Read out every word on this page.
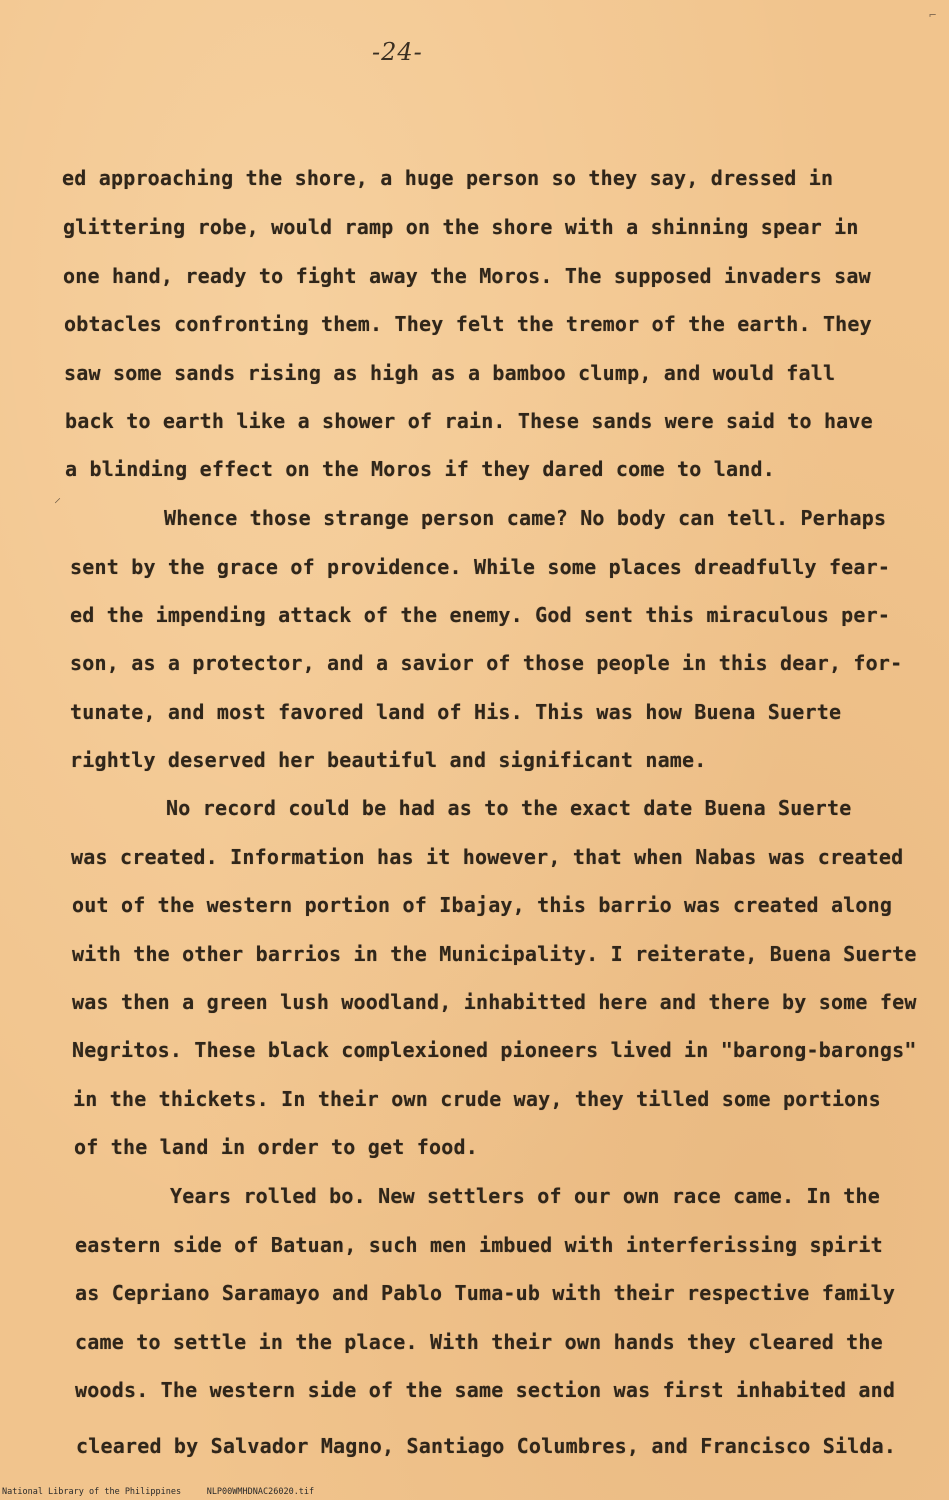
⌐
-24-
⸍
ed approaching the shore, a huge person so they say, dressed in
glittering robe, would ramp on the shore with a shinning spear in
one hand, ready to fight away the Moros. The supposed invaders saw
obtacles confronting them. They felt the tremor of the earth. They
saw some sands rising as high as a bamboo clump, and would fall
back to earth like a shower of rain. These sands were said to have
a blinding effect on the Moros if they dared come to land.
Whence those strange person came? No body can tell. Perhaps
sent by the grace of providence. While some places dreadfully fear-
ed the impending attack of the enemy. God sent this miraculous per-
son, as a protector, and a savior of those people in this dear, for-
tunate, and most favored land of His. This was how Buena Suerte
rightly deserved her beautiful and significant name.
No record could be had as to the exact date Buena Suerte
was created. Information has it however, that when Nabas was created
out of the western portion of Ibajay, this barrio was created along
with the other barrios in the Municipality. I reiterate, Buena Suerte
was then a green lush woodland, inhabitted here and there by some few
Negritos. These black complexioned pioneers lived in "barong-barongs"
in the thickets. In their own crude way, they tilled some portions
of the land in order to get food.
Years rolled bo. New settlers of our own race came. In the
eastern side of Batuan, such men imbued with interferissing spirit
as Cepriano Saramayo and Pablo Tuma-ub with their respective family
came to settle in the place. With their own hands they cleared the
woods. The western side of the same section was first inhabited and
cleared by Salvador Magno, Santiago Columbres, and Francisco Silda.
National Library of the Philippines     NLP00WMHDNAC26020.tif
